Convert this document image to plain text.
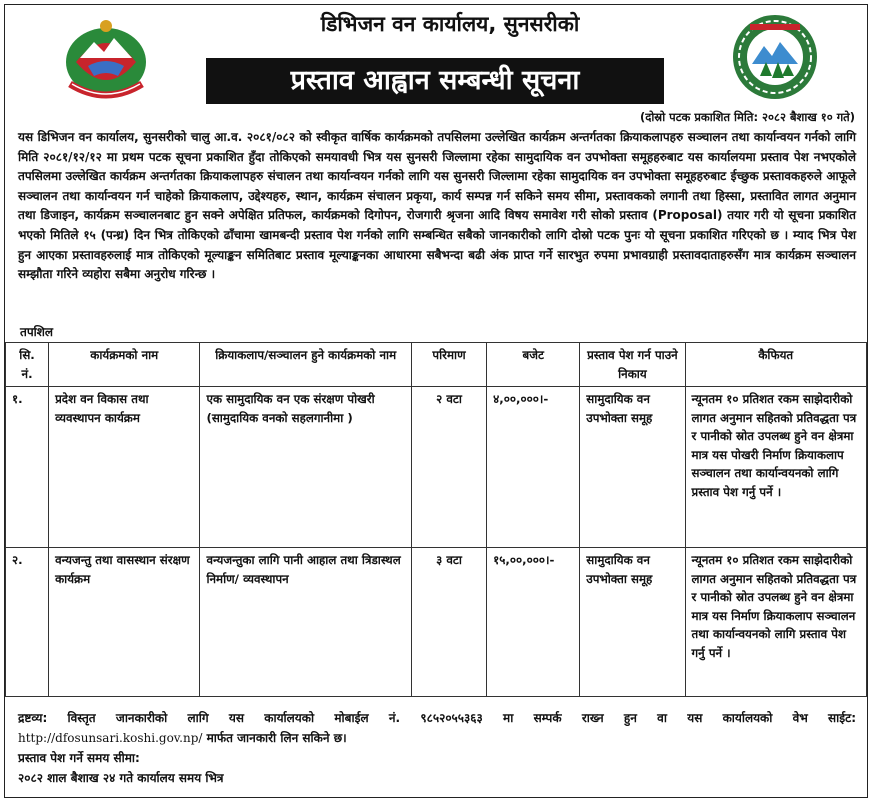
डिभिजन वन कार्यालय, सुनसरीको
प्रस्ताव आह्वान सम्बन्धी सूचना
(दोस्रो पटक प्रकाशित मिति: २०८२ बैशाख १० गते)
यस डिभिजन वन कार्यालय, सुनसरीको चालु आ.व. २०८१/०८२ को स्वीकृत वार्षिक कार्यक्रमको तपसिलमा उल्लेखित कार्यक्रम अन्तर्गतका क्रियाकलापहरु सञ्चालन तथा कार्यान्वयन गर्नको लागि मिति २०८१/१२/१२ मा प्रथम पटक सूचना प्रकाशित हुँदा तोकिएको समयावधी भित्र यस सुनसरी जिल्लामा रहेका सामुदायिक वन उपभोक्ता समूहहरुबाट यस कार्यालयमा प्रस्ताव पेश नभएकोले तपसिलमा उल्लेखित कार्यक्रम अन्तर्गतका क्रियाकलापहरु संचालन तथा कार्यान्वयन गर्नको लागि यस सुनसरी जिल्लामा रहेका सामुदायिक वन उपभोक्ता समूहहरुबाट ईच्छुक प्रस्तावकहरुले आफूले सञ्चालन तथा कार्यान्वयन गर्न चाहेको क्रियाकलाप, उद्देश्यहरु, स्थान, कार्यक्रम संचालन प्रकृया, कार्य सम्पन्न गर्न सकिने समय सीमा, प्रस्तावकको लगानी तथा हिस्सा, प्रस्तावित लागत अनुमान तथा डिजाइन, कार्यक्रम सञ्चालनबाट हुन सक्ने अपेक्षित प्रतिफल, कार्यक्रमको दिगोपन, रोजगारी श्रृजना आदि विषय समावेश गरी सोको प्रस्ताव (Proposal) तयार गरी यो सूचना प्रकाशित भएको मितिले १५ (पन्ध्र) दिन भित्र तोकिएको ढाँचामा खामबन्दी प्रस्ताव पेश गर्नको लागि सम्बन्धित सबैको जानकारीको लागि दोस्रो पटक पुनः यो सूचना प्रकाशित गरिएको छ । म्याद भित्र पेश हुन आएका प्रस्तावहरुलाई मात्र तोकिएको मूल्याङ्कन समितिबाट प्रस्ताव मूल्याङ्कनका आधारमा सबैभन्दा बढी अंक प्राप्त गर्ने सारभुत रुपमा प्रभावग्राही प्रस्तावदाताहरुसँग मात्र कार्यक्रम सञ्चालन सम्झौता गरिने व्यहोरा सबैमा अनुरोध गरिन्छ ।
तपशिल
सि. नं.	कार्यक्रमको नाम	क्रियाकलाप/सञ्चालन हुने कार्यक्रमको नाम	परिमाण	बजेट	प्रस्ताव पेश गर्न पाउने निकाय	कैफियत
१.	प्रदेश वन विकास तथा व्यवस्थापन कार्यक्रम	एक सामुदायिक वन एक संरक्षण पोखरी (सामुदायिक वनको सहलगानीमा )	२ वटा	४,००,०००।-	सामुदायिक वन उपभोक्ता समूह	न्यूनतम १० प्रतिशत रकम साझेदारीको लागत अनुमान सहितको प्रतिवद्धता पत्र र पानीको स्रोत उपलब्ध हुने वन क्षेत्रमा मात्र यस पोखरी निर्माण क्रियाकलाप सञ्चालन तथा कार्यान्वयनको लागि प्रस्ताव पेश गर्नु पर्ने ।
२.	वन्यजन्तु तथा वासस्थान संरक्षण कार्यक्रम	वन्यजन्तुका लागि पानी आहाल तथा त्रिडास्थल निर्माण/ व्यवस्थापन	३ वटा	१५,००,०००।-	सामुदायिक वन उपभोक्ता समूह	न्यूनतम १० प्रतिशत रकम साझेदारीको लागत अनुमान सहितको प्रतिवद्धता पत्र र पानीको स्रोत उपलब्ध हुने वन क्षेत्रमा मात्र यस निर्माण क्रियाकलाप सञ्चालन तथा कार्यान्वयनको लागि प्रस्ताव पेश गर्नु पर्ने ।
द्रष्टव्य: विस्तृत जानकारीको लागि यस कार्यालयको मोबाईल नं. ९८५२०५५३६३ मा सम्पर्क राख्न हुन वा यस कार्यालयको वेभ साईट:
http://dfosunsari.koshi.gov.np/ मार्फत जानकारी लिन सकिने छ।
प्रस्ताव पेश गर्ने समय सीमा:
२०८२ शाल बैशाख २४ गते कार्यालय समय भित्र
